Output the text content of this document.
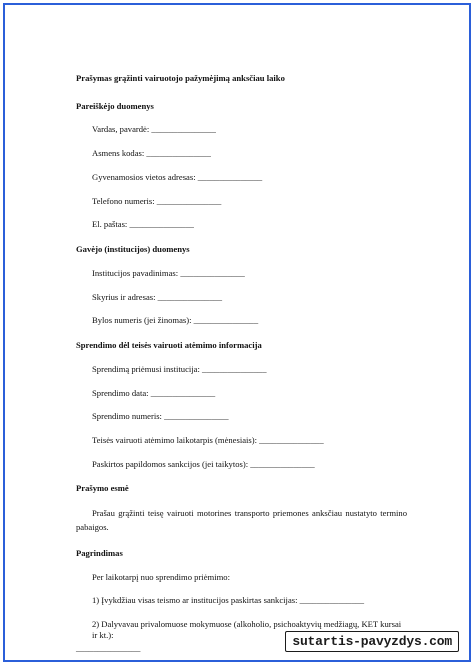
Prašymas grąžinti vairuotojo pažymėjimą anksčiau laiko
Pareiškėjo duomenys
Vardas, pavardė: _______________
Asmens kodas: _______________
Gyvenamosios vietos adresas: _______________
Telefono numeris: _______________
El. paštas: _______________
Gavėjo (institucijos) duomenys
Institucijos pavadinimas: _______________
Skyrius ir adresas: _______________
Bylos numeris (jei žinomas): _______________
Sprendimo dėl teisės vairuoti atėmimo informacija
Sprendimą priėmusi institucija: _______________
Sprendimo data: _______________
Sprendimo numeris: _______________
Teisės vairuoti atėmimo laikotarpis (mėnesiais): _______________
Paskirtos papildomos sankcijos (jei taikytos): _______________
Prašymo esmė
Prašau grąžinti teisę vairuoti motorines transporto priemones anksčiau nustatyto termino pabaigos.
Pagrindimas
Per laikotarpį nuo sprendimo priėmimo:
1) Įvykdžiau visas teismo ar institucijos paskirtas sankcijas: _______________
2) Dalyvavau privalomuose mokymuose (alkoholio, psichoaktyvių medžiagų, KET kursai ir kt.):
_______________	sutartis-pavyzdys.com
